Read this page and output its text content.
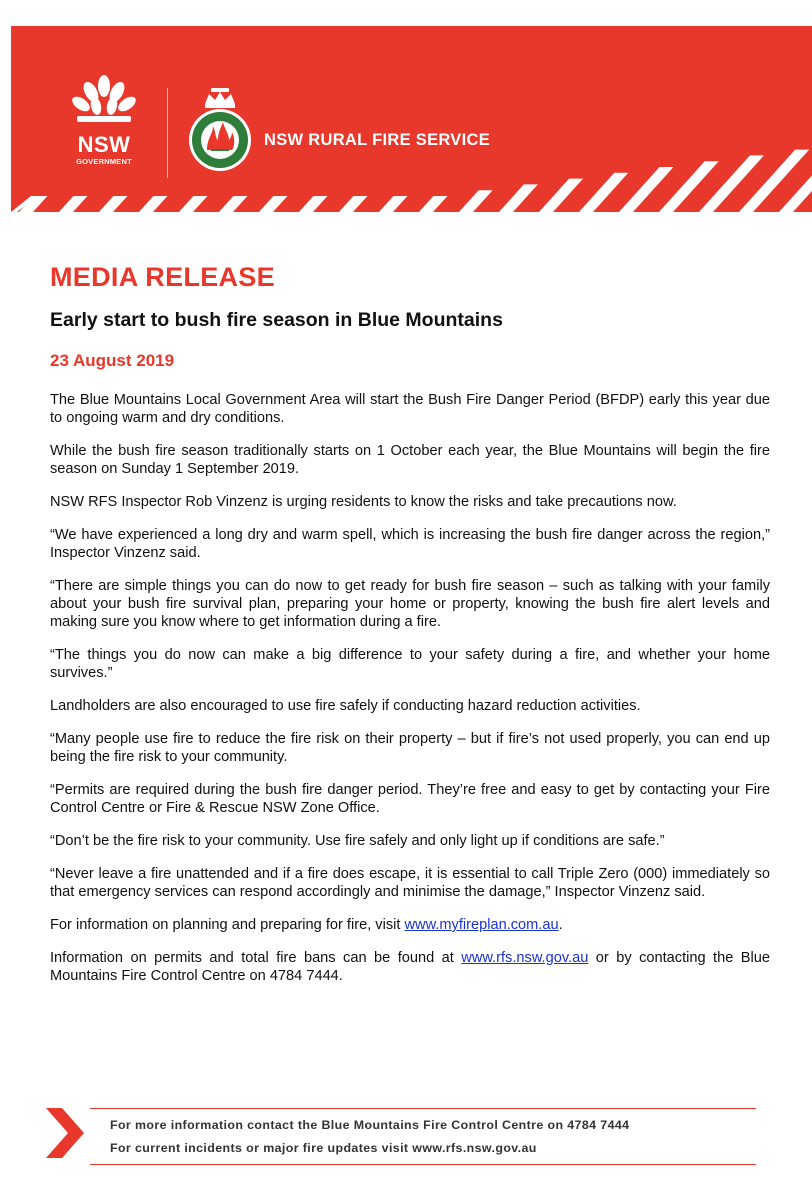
NSW
GOVERNMENT
NSW RURAL FIRE SERVICE
MEDIA RELEASE
Early start to bush fire season in Blue Mountains
23 August 2019

The Blue Mountains Local Government Area will start the Bush Fire Danger Period (BFDP) early this year due to ongoing warm and dry conditions.

While the bush fire season traditionally starts on 1 October each year, the Blue Mountains will begin the fire season on Sunday 1 September 2019.

NSW RFS Inspector Rob Vinzenz is urging residents to know the risks and take precautions now.

“We have experienced a long dry and warm spell, which is increasing the bush fire danger across the region,” Inspector Vinzenz said.

“There are simple things you can do now to get ready for bush fire season – such as talking with your family about your bush fire survival plan, preparing your home or property, knowing the bush fire alert levels and making sure you know where to get information during a fire.

“The things you do now can make a big difference to your safety during a fire, and whether your home survives.”

Landholders are also encouraged to use fire safely if conducting hazard reduction activities.

“Many people use fire to reduce the fire risk on their property – but if fire’s not used properly, you can end up being the fire risk to your community.

“Permits are required during the bush fire danger period. They’re free and easy to get by contacting your Fire Control Centre or Fire & Rescue NSW Zone Office.

“Don’t be the fire risk to your community. Use fire safely and only light up if conditions are safe.”

“Never leave a fire unattended and if a fire does escape, it is essential to call Triple Zero (000) immediately so that emergency services can respond accordingly and minimise the damage,” Inspector Vinzenz said.

For information on planning and preparing for fire, visit www.myfireplan.com.au.

Information on permits and total fire bans can be found at www.rfs.nsw.gov.au or by contacting the Blue Mountains Fire Control Centre on 4784 7444.

For more information contact the Blue Mountains Fire Control Centre on 4784 7444
For current incidents or major fire updates visit www.rfs.nsw.gov.au
